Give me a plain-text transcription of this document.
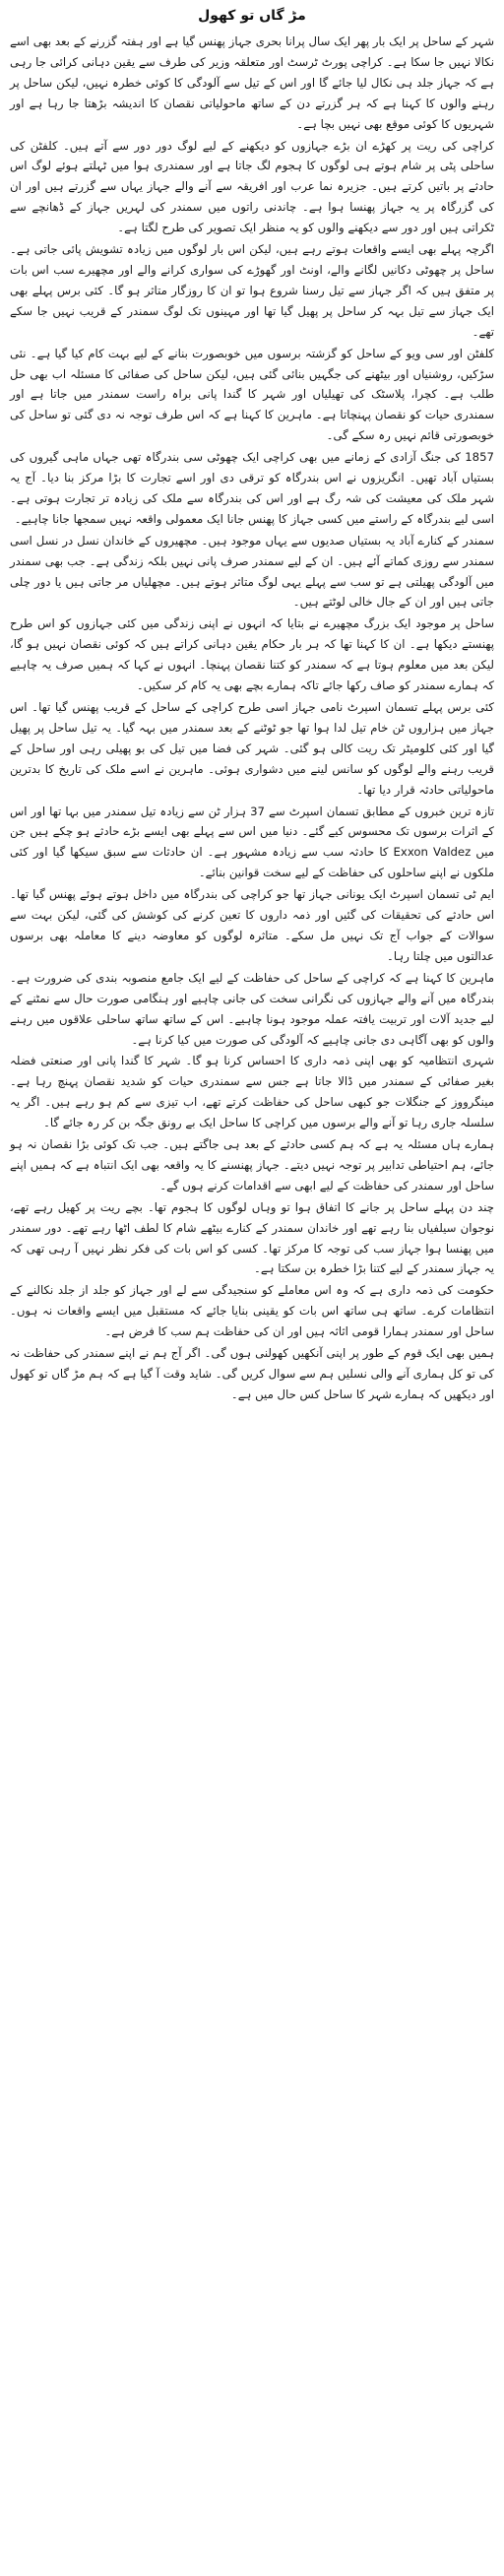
مڑ گاں تو کھول

شہر کے ساحل پر ایک بار پھر ایک سال پرانا بحری جہاز پھنس گیا ہے اور ہفتہ گزرنے کے بعد بھی اسے نکالا نہیں جا سکا ہے۔ کراچی پورٹ ٹرسٹ اور متعلقہ وزیر کی طرف سے یقین دہانی کرائی جا رہی ہے کہ جہاز جلد ہی نکال لیا جائے گا اور اس کے تیل سے آلودگی کا کوئی خطرہ نہیں، لیکن ساحل پر رہنے والوں کا کہنا ہے کہ ہر گزرتے دن کے ساتھ ماحولیاتی نقصان کا اندیشہ بڑھتا جا رہا ہے اور شہریوں کا کوئی موقع بھی نہیں بچا ہے۔

کراچی کی ریت پر کھڑے ان بڑے جہازوں کو دیکھنے کے لیے لوگ دور دور سے آتے ہیں۔ کلفٹن کی ساحلی پٹی پر شام ہوتے ہی لوگوں کا ہجوم لگ جاتا ہے اور سمندری ہوا میں ٹہلتے ہوئے لوگ اس حادثے پر باتیں کرتے ہیں۔ جزیرہ نما عرب اور افریقہ سے آنے والے جہاز یہاں سے گزرتے ہیں اور ان کی گزرگاہ پر یہ جہاز پھنسا ہوا ہے۔ چاندنی راتوں میں سمندر کی لہریں جہاز کے ڈھانچے سے ٹکراتی ہیں اور دور سے دیکھنے والوں کو یہ منظر ایک تصویر کی طرح لگتا ہے۔

اگرچہ پہلے بھی ایسے واقعات ہوتے رہے ہیں، لیکن اس بار لوگوں میں زیادہ تشویش پائی جاتی ہے۔ ساحل پر چھوٹی دکانیں لگانے والے، اونٹ اور گھوڑے کی سواری کرانے والے اور مچھیرے سب اس بات پر متفق ہیں کہ اگر جہاز سے تیل رسنا شروع ہوا تو ان کا روزگار متاثر ہو گا۔ کئی برس پہلے بھی ایک جہاز سے تیل بہہ کر ساحل پر پھیل گیا تھا اور مہینوں تک لوگ سمندر کے قریب نہیں جا سکے تھے۔

کلفٹن اور سی ویو کے ساحل کو گزشتہ برسوں میں خوبصورت بنانے کے لیے بہت کام کیا گیا ہے۔ نئی سڑکیں، روشنیاں اور بیٹھنے کی جگہیں بنائی گئی ہیں، لیکن ساحل کی صفائی کا مسئلہ اب بھی حل طلب ہے۔ کچرا، پلاسٹک کی تھیلیاں اور شہر کا گندا پانی براہ راست سمندر میں جاتا ہے اور سمندری حیات کو نقصان پہنچاتا ہے۔ ماہرین کا کہنا ہے کہ اس طرف توجہ نہ دی گئی تو ساحل کی خوبصورتی قائم نہیں رہ سکے گی۔

1857 کی جنگ آزادی کے زمانے میں بھی کراچی ایک چھوٹی سی بندرگاہ تھی جہاں ماہی گیروں کی بستیاں آباد تھیں۔ انگریزوں نے اس بندرگاہ کو ترقی دی اور اسے تجارت کا بڑا مرکز بنا دیا۔ آج یہ شہر ملک کی معیشت کی شہ رگ ہے اور اس کی بندرگاہ سے ملک کی زیادہ تر تجارت ہوتی ہے۔ اسی لیے بندرگاہ کے راستے میں کسی جہاز کا پھنس جانا ایک معمولی واقعہ نہیں سمجھا جانا چاہیے۔

سمندر کے کنارے آباد یہ بستیاں صدیوں سے یہاں موجود ہیں۔ مچھیروں کے خاندان نسل در نسل اسی سمندر سے روزی کماتے آئے ہیں۔ ان کے لیے سمندر صرف پانی نہیں بلکہ زندگی ہے۔ جب بھی سمندر میں آلودگی پھیلتی ہے تو سب سے پہلے یہی لوگ متاثر ہوتے ہیں۔ مچھلیاں مر جاتی ہیں یا دور چلی جاتی ہیں اور ان کے جال خالی لوٹتے ہیں۔

ساحل پر موجود ایک بزرگ مچھیرے نے بتایا کہ انہوں نے اپنی زندگی میں کئی جہازوں کو اس طرح پھنستے دیکھا ہے۔ ان کا کہنا تھا کہ ہر بار حکام یقین دہانی کراتے ہیں کہ کوئی نقصان نہیں ہو گا، لیکن بعد میں معلوم ہوتا ہے کہ سمندر کو کتنا نقصان پہنچا۔ انہوں نے کہا کہ ہمیں صرف یہ چاہیے کہ ہمارے سمندر کو صاف رکھا جائے تاکہ ہمارے بچے بھی یہ کام کر سکیں۔

کئی برس پہلے تسمان اسپرٹ نامی جہاز اسی طرح کراچی کے ساحل کے قریب پھنس گیا تھا۔ اس جہاز میں ہزاروں ٹن خام تیل لدا ہوا تھا جو ٹوٹنے کے بعد سمندر میں بہہ گیا۔ یہ تیل ساحل پر پھیل گیا اور کئی کلومیٹر تک ریت کالی ہو گئی۔ شہر کی فضا میں تیل کی بو پھیلی رہی اور ساحل کے قریب رہنے والے لوگوں کو سانس لینے میں دشواری ہوئی۔ ماہرین نے اسے ملک کی تاریخ کا بدترین ماحولیاتی حادثہ قرار دیا تھا۔

تازہ ترین خبروں کے مطابق تسمان اسپرٹ سے 37 ہزار ٹن سے زیادہ تیل سمندر میں بہا تھا اور اس کے اثرات برسوں تک محسوس کیے گئے۔ دنیا میں اس سے پہلے بھی ایسے بڑے حادثے ہو چکے ہیں جن میں Exxon Valdez کا حادثہ سب سے زیادہ مشہور ہے۔ ان حادثات سے سبق سیکھا گیا اور کئی ملکوں نے اپنے ساحلوں کی حفاظت کے لیے سخت قوانین بنائے۔

ایم ٹی تسمان اسپرٹ ایک یونانی جہاز تھا جو کراچی کی بندرگاہ میں داخل ہوتے ہوئے پھنس گیا تھا۔ اس حادثے کی تحقیقات کی گئیں اور ذمہ داروں کا تعین کرنے کی کوشش کی گئی، لیکن بہت سے سوالات کے جواب آج تک نہیں مل سکے۔ متاثرہ لوگوں کو معاوضہ دینے کا معاملہ بھی برسوں عدالتوں میں چلتا رہا۔

ماہرین کا کہنا ہے کہ کراچی کے ساحل کی حفاظت کے لیے ایک جامع منصوبہ بندی کی ضرورت ہے۔ بندرگاہ میں آنے والے جہازوں کی نگرانی سخت کی جانی چاہیے اور ہنگامی صورت حال سے نمٹنے کے لیے جدید آلات اور تربیت یافتہ عملہ موجود ہونا چاہیے۔ اس کے ساتھ ساتھ ساحلی علاقوں میں رہنے والوں کو بھی آگاہی دی جانی چاہیے کہ آلودگی کی صورت میں کیا کرنا ہے۔

شہری انتظامیہ کو بھی اپنی ذمہ داری کا احساس کرنا ہو گا۔ شہر کا گندا پانی اور صنعتی فضلہ بغیر صفائی کے سمندر میں ڈالا جاتا ہے جس سے سمندری حیات کو شدید نقصان پہنچ رہا ہے۔ مینگرووز کے جنگلات جو کبھی ساحل کی حفاظت کرتے تھے، اب تیزی سے کم ہو رہے ہیں۔ اگر یہ سلسلہ جاری رہا تو آنے والے برسوں میں کراچی کا ساحل ایک بے رونق جگہ بن کر رہ جائے گا۔

ہمارے ہاں مسئلہ یہ ہے کہ ہم کسی حادثے کے بعد ہی جاگتے ہیں۔ جب تک کوئی بڑا نقصان نہ ہو جائے، ہم احتیاطی تدابیر پر توجہ نہیں دیتے۔ جہاز پھنسنے کا یہ واقعہ بھی ایک انتباہ ہے کہ ہمیں اپنے ساحل اور سمندر کی حفاظت کے لیے ابھی سے اقدامات کرنے ہوں گے۔

چند دن پہلے ساحل پر جانے کا اتفاق ہوا تو وہاں لوگوں کا ہجوم تھا۔ بچے ریت پر کھیل رہے تھے، نوجوان سیلفیاں بنا رہے تھے اور خاندان سمندر کے کنارے بیٹھے شام کا لطف اٹھا رہے تھے۔ دور سمندر میں پھنسا ہوا جہاز سب کی توجہ کا مرکز تھا۔ کسی کو اس بات کی فکر نظر نہیں آ رہی تھی کہ یہ جہاز سمندر کے لیے کتنا بڑا خطرہ بن سکتا ہے۔

حکومت کی ذمہ داری ہے کہ وہ اس معاملے کو سنجیدگی سے لے اور جہاز کو جلد از جلد نکالنے کے انتظامات کرے۔ ساتھ ہی ساتھ اس بات کو یقینی بنایا جائے کہ مستقبل میں ایسے واقعات نہ ہوں۔ ساحل اور سمندر ہمارا قومی اثاثہ ہیں اور ان کی حفاظت ہم سب کا فرض ہے۔

ہمیں بھی ایک قوم کے طور پر اپنی آنکھیں کھولنی ہوں گی۔ اگر آج ہم نے اپنے سمندر کی حفاظت نہ کی تو کل ہماری آنے والی نسلیں ہم سے سوال کریں گی۔ شاید وقت آ گیا ہے کہ ہم مڑ گاں تو کھول اور دیکھیں کہ ہمارے شہر کا ساحل کس حال میں ہے۔
